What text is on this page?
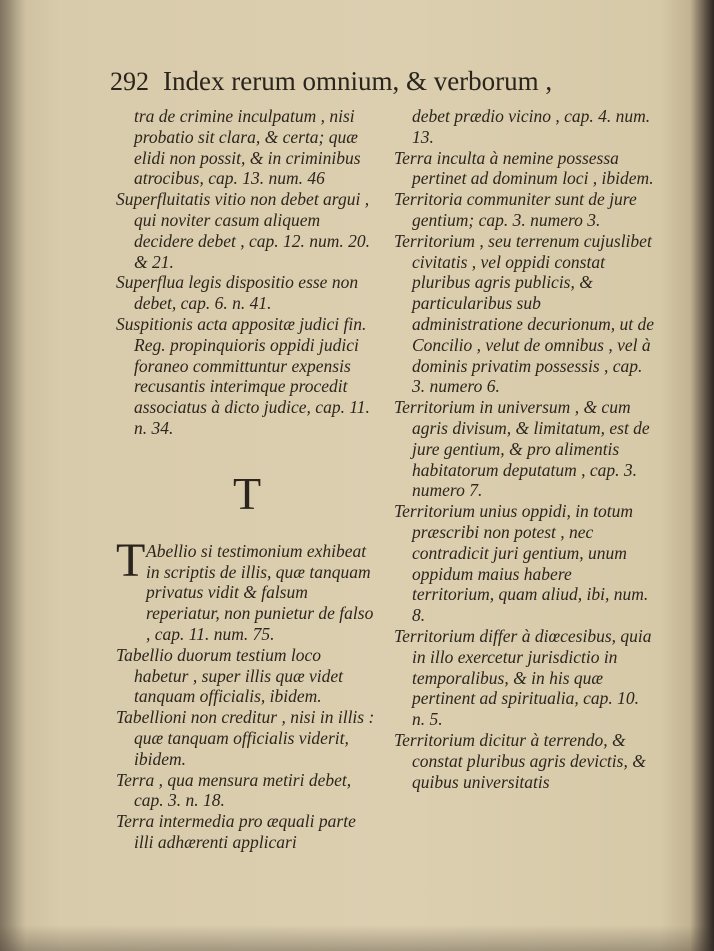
292 Index rerum omnium, & verborum ,

tra de crimine inculpatum , nisi probatio sit clara, & certa; quæ elidi non possit, & in criminibus atrocibus, cap. 13. num. 46

Superfluitatis vitio non debet argui , qui noviter casum aliquem decidere debet , cap. 12. num. 20. & 21.

Superflua legis dispositio esse non debet, cap. 6. n. 41.

Suspitionis acta appositæ judici fin. Reg. propinquioris oppidi judici foraneo committuntur expensis recusantis interimque procedit associatus à dicto judice, cap. 11. n. 34.

T

T Abellio si testimonium exhibeat in scriptis de illis, quæ tanquam privatus vidit & falsum reperiatur, non punietur de falso , cap. 11. num. 75.

Tabellio duorum testium loco habetur , super illis quæ videt tanquam officialis, ibidem.

Tabellioni non creditur , nisi in illis : quæ tanquam officialis viderit, ibidem.

Terra , qua mensura metiri debet, cap. 3. n. 18.

Terra intermedia pro æquali parte illi adhærenti applicari

debet prædio vicino , cap. 4. num. 13.

Terra inculta à nemine possessa pertinet ad dominum loci , ibidem.

Territoria communiter sunt de jure gentium; cap. 3. numero 3.

Territorium , seu terrenum cujuslibet civitatis , vel oppidi constat pluribus agris publicis, & particularibus sub administratione decurionum, ut de Concilio , velut de omnibus , vel à dominis privatim possessis , cap. 3. numero 6.

Territorium in universum , & cum agris divisum, & limitatum, est de jure gentium, & pro alimentis habitatorum deputatum , cap. 3. numero 7.

Territorium unius oppidi, in totum præscribi non potest , nec contradicit juri gentium, unum oppidum maius habere territorium, quam aliud, ibi, num. 8.

Territorium differ à diœcesibus, quia in illo exercetur jurisdictio in temporalibus, & in his quæ pertinent ad spiritualia, cap. 10. n. 5.

Territorium dicitur à terrendo, & constat pluribus agris devictis, & quibus universitatis
